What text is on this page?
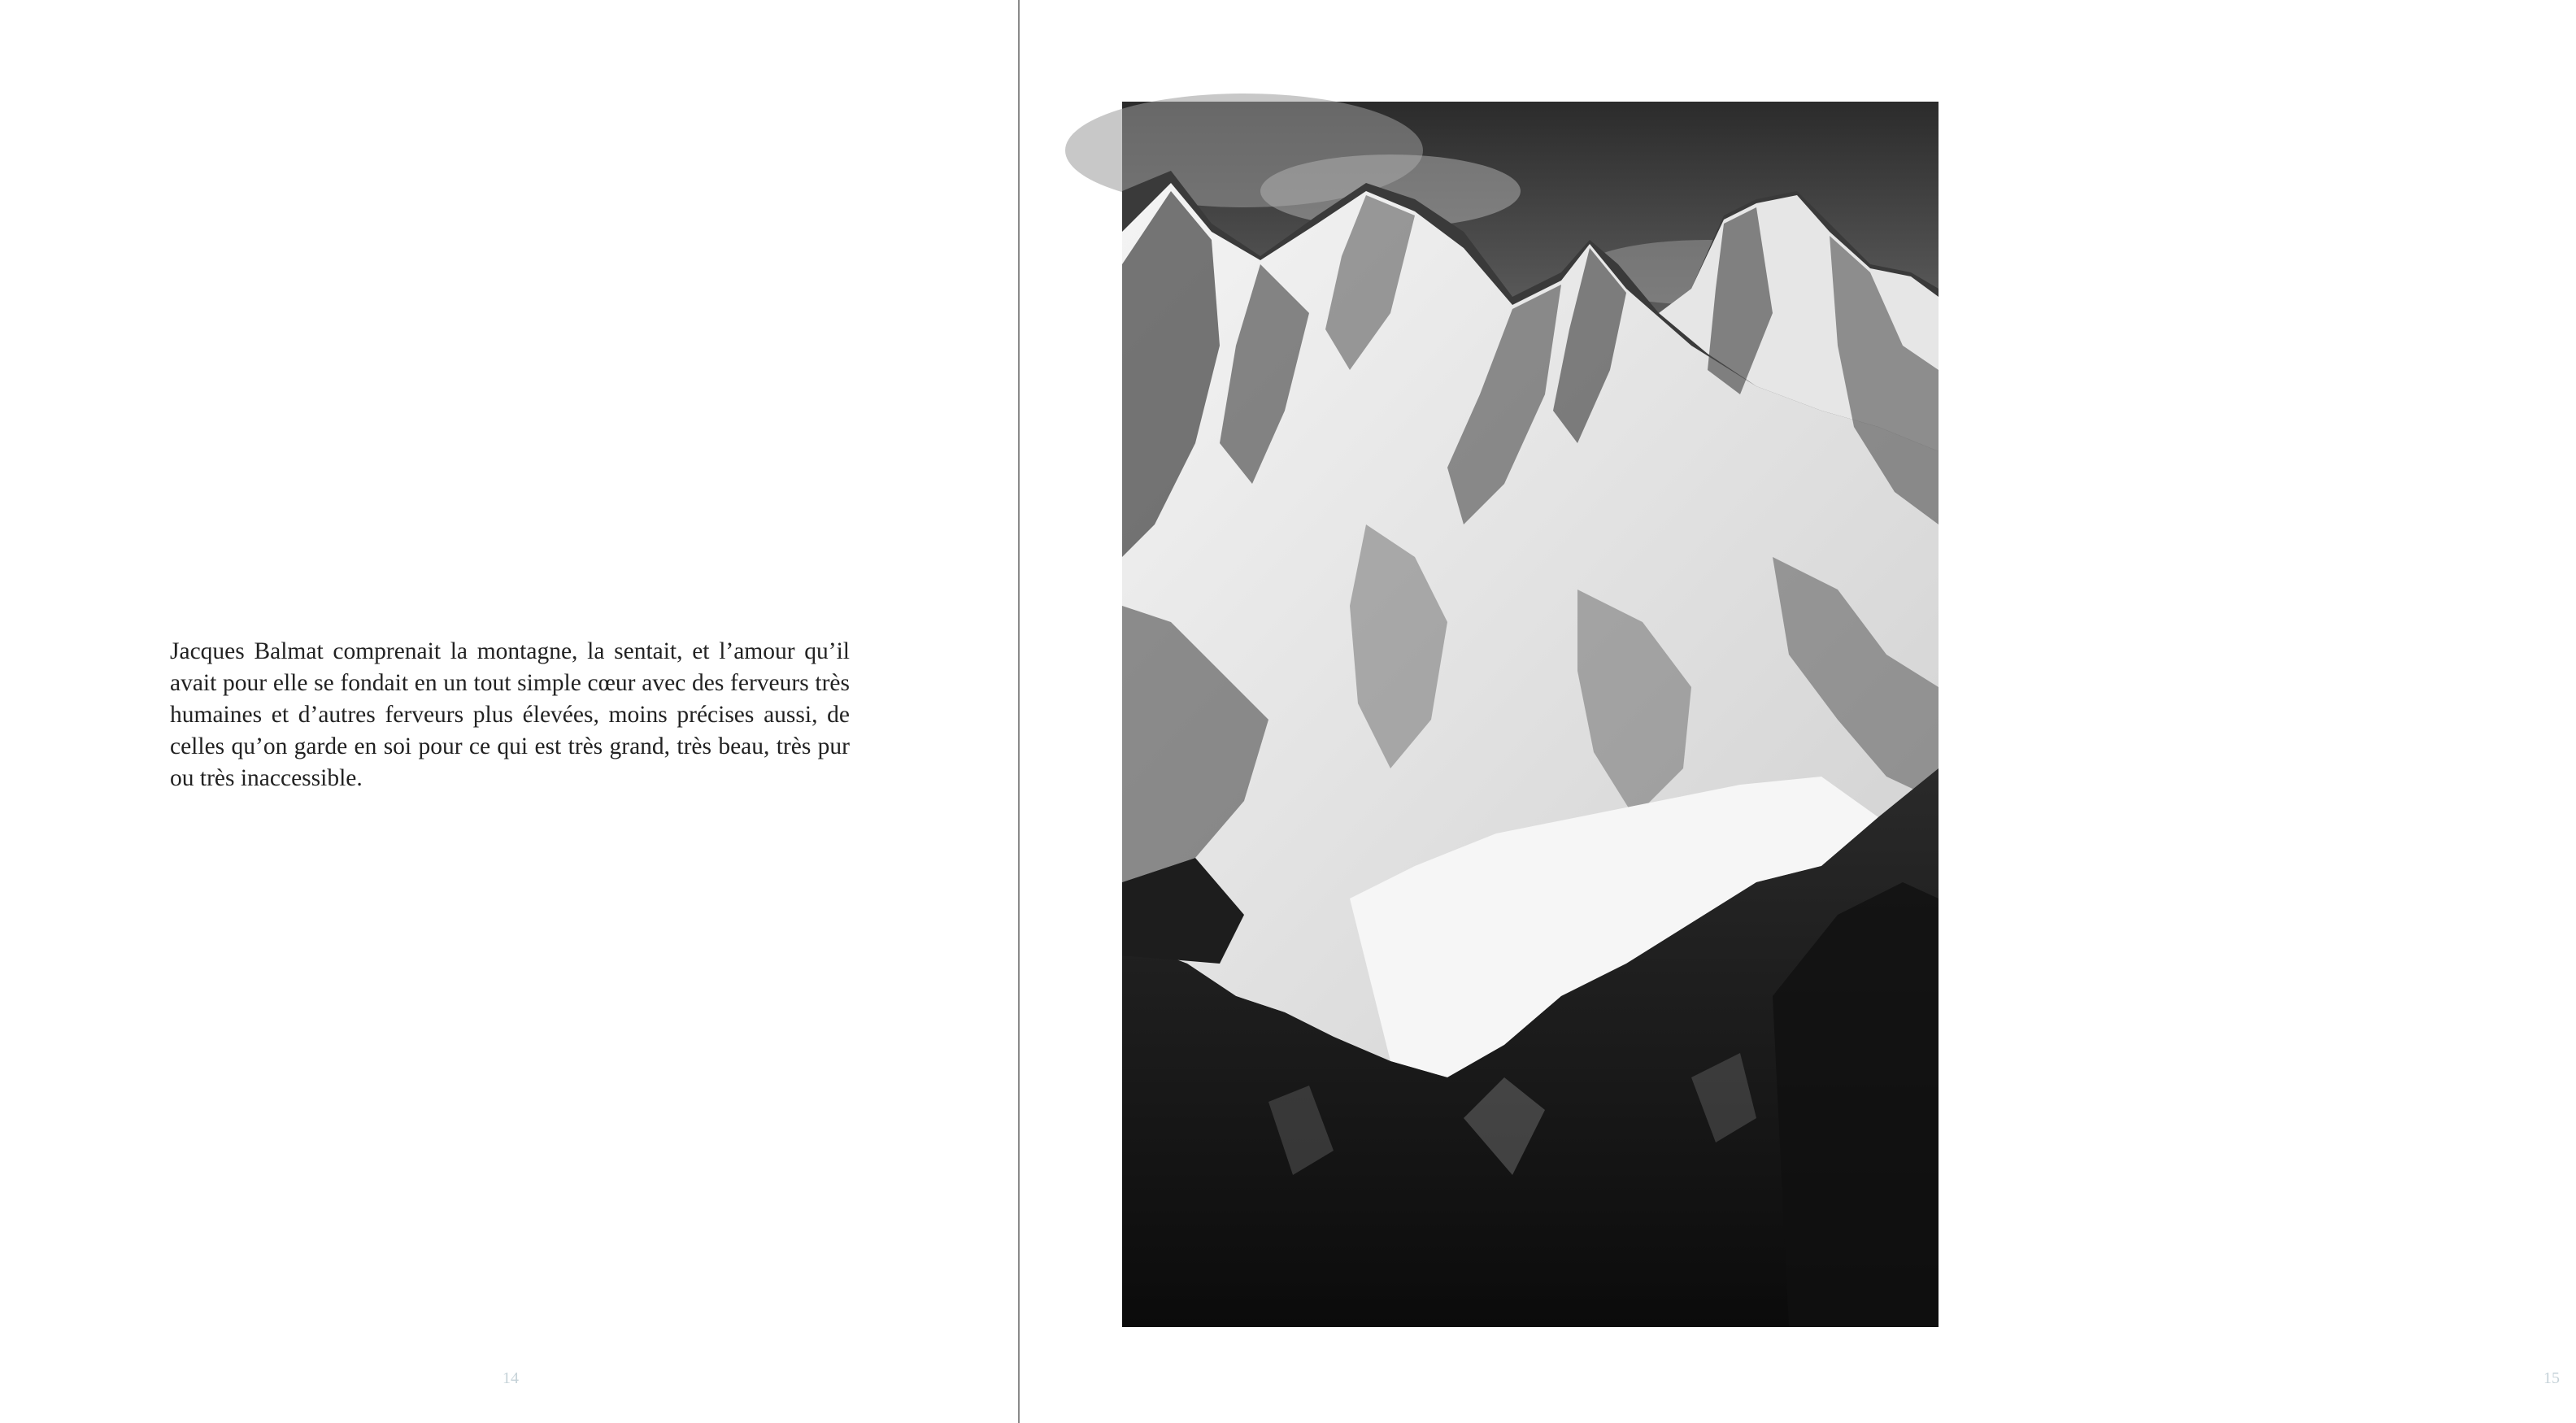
Jacques Balmat comprenait la montagne, la sentait, et l’amour qu’il
avait pour elle se fondait en un tout simple cœur avec des ferveurs très
humaines et d’autres ferveurs plus élevées, moins précises aussi, de
celles qu’on garde en soi pour ce qui est très grand, très beau, très pur
ou très inaccessible.
14	15
